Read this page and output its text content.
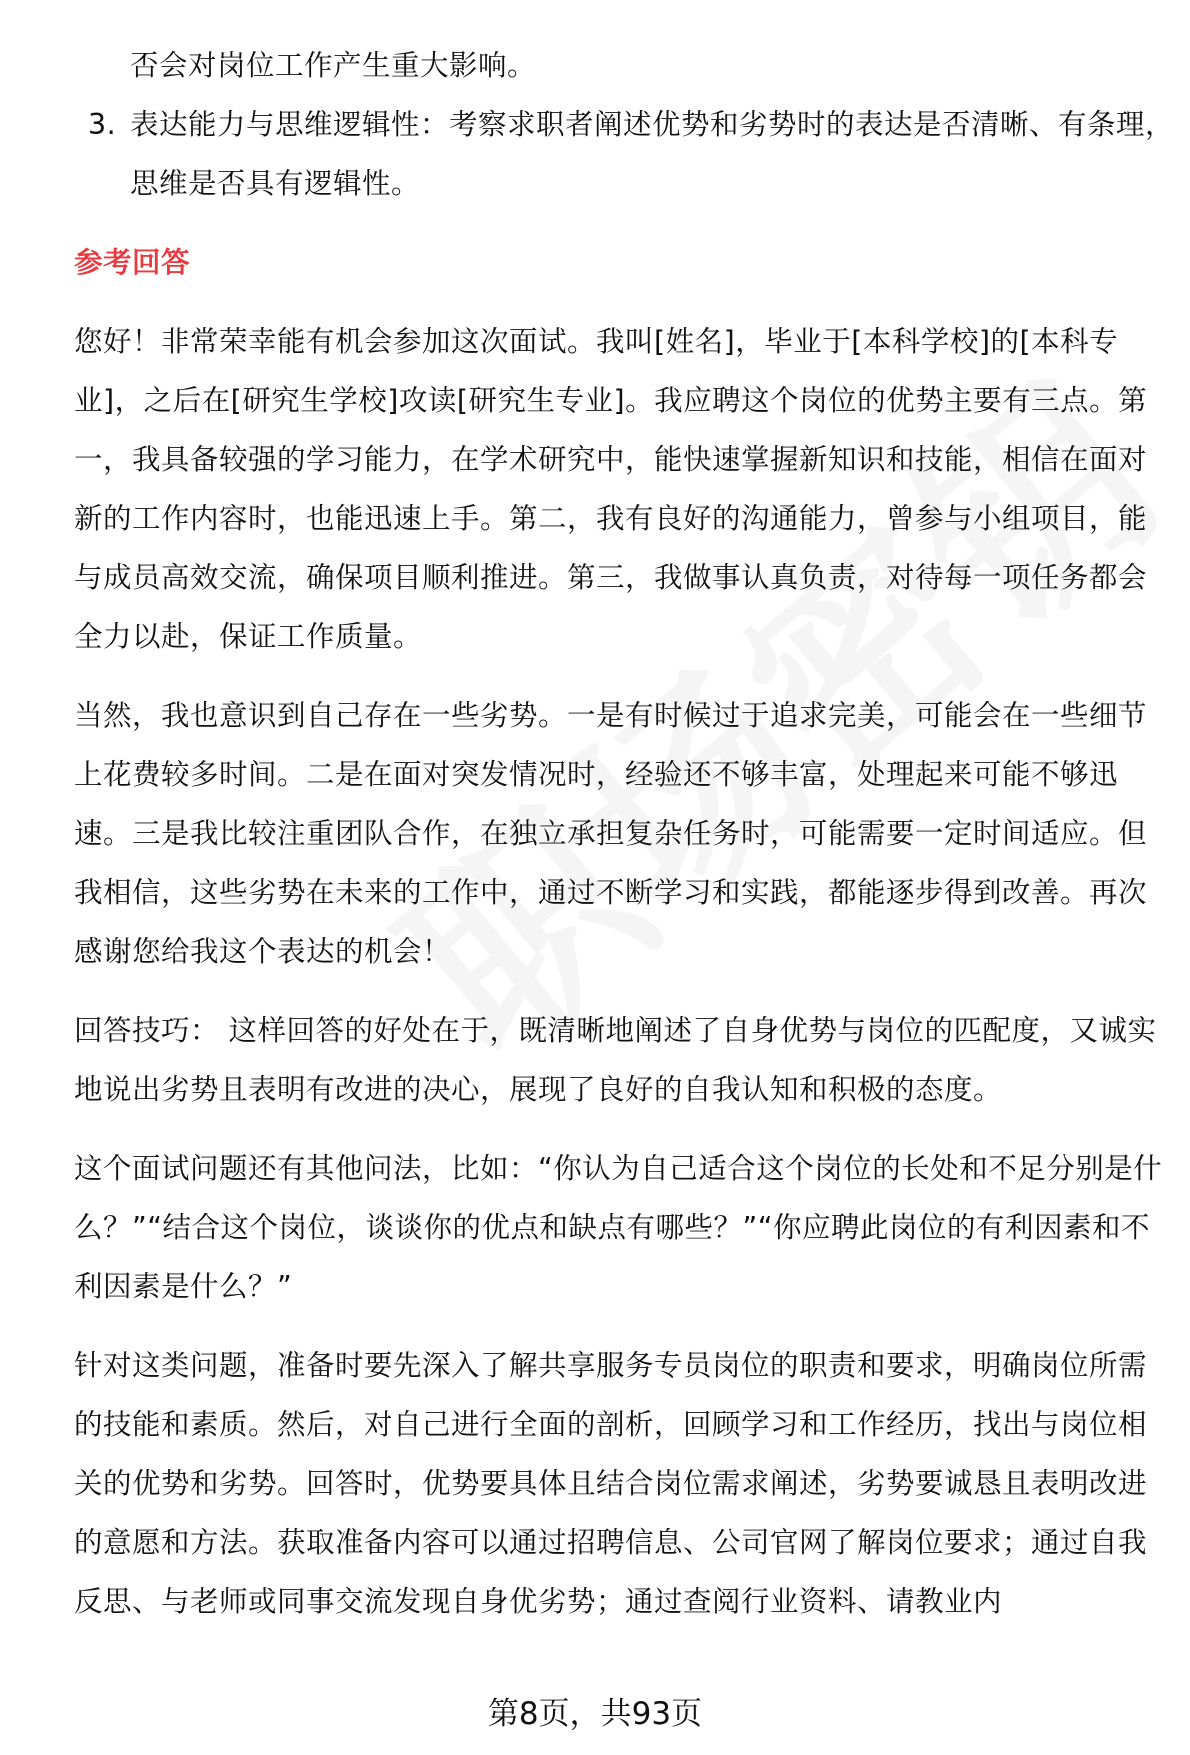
否会对岗位工作产生重大影响。

3. 表达能力与思维逻辑性：考察求职者阐述优势和劣势时的表达是否清晰、有条理，思维是否具有逻辑性。

参考回答

您好！非常荣幸能有机会参加这次面试。我叫[姓名]，毕业于[本科学校]的[本科专业]，之后在[研究生学校]攻读[研究生专业]。我应聘这个岗位的优势主要有三点。第一，我具备较强的学习能力，在学术研究中，能快速掌握新知识和技能，相信在面对新的工作内容时，也能迅速上手。第二，我有良好的沟通能力，曾参与小组项目，能与成员高效交流，确保项目顺利推进。第三，我做事认真负责，对待每一项任务都会全力以赴，保证工作质量。

当然，我也意识到自己存在一些劣势。一是有时候过于追求完美，可能会在一些细节上花费较多时间。二是在面对突发情况时，经验还不够丰富，处理起来可能不够迅速。三是我比较注重团队合作，在独立承担复杂任务时，可能需要一定时间适应。但我相信，这些劣势在未来的工作中，通过不断学习和实践，都能逐步得到改善。再次感谢您给我这个表达的机会！

回答技巧： 这样回答的好处在于，既清晰地阐述了自身优势与岗位的匹配度，又诚实地说出劣势且表明有改进的决心，展现了良好的自我认知和积极的态度。

这个面试问题还有其他问法，比如：“你认为自己适合这个岗位的长处和不足分别是什么？”“结合这个岗位，谈谈你的优点和缺点有哪些？”“你应聘此岗位的有利因素和不利因素是什么？”

针对这类问题，准备时要先深入了解共享服务专员岗位的职责和要求，明确岗位所需的技能和素质。然后，对自己进行全面的剖析，回顾学习和工作经历，找出与岗位相关的优势和劣势。回答时，优势要具体且结合岗位需求阐述，劣势要诚恳且表明改进的意愿和方法。获取准备内容可以通过招聘信息、公司官网了解岗位要求；通过自我反思、与老师或同事交流发现自身优劣势；通过查阅行业资料、请教业内

第8页，共93页
